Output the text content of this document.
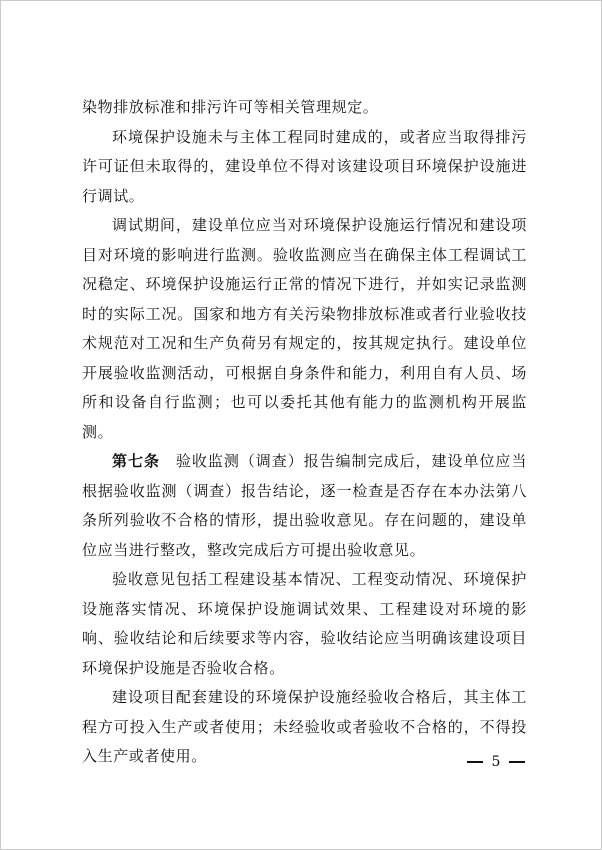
染物排放标准和排污许可等相关管理规定。

环境保护设施未与主体工程同时建成的，或者应当取得排污许可证但未取得的，建设单位不得对该建设项目环境保护设施进行调试。

调试期间，建设单位应当对环境保护设施运行情况和建设项目对环境的影响进行监测。验收监测应当在确保主体工程调试工况稳定、环境保护设施运行正常的情况下进行，并如实记录监测时的实际工况。国家和地方有关污染物排放标准或者行业验收技术规范对工况和生产负荷另有规定的，按其规定执行。建设单位开展验收监测活动，可根据自身条件和能力，利用自有人员、场所和设备自行监测；也可以委托其他有能力的监测机构开展监测。

第七条　验收监测（调查）报告编制完成后，建设单位应当根据验收监测（调查）报告结论，逐一检查是否存在本办法第八条所列验收不合格的情形，提出验收意见。存在问题的，建设单位应当进行整改，整改完成后方可提出验收意见。

验收意见包括工程建设基本情况、工程变动情况、环境保护设施落实情况、环境保护设施调试效果、工程建设对环境的影响、验收结论和后续要求等内容，验收结论应当明确该建设项目环境保护设施是否验收合格。

建设项目配套建设的环境保护设施经验收合格后，其主体工程方可投入生产或者使用；未经验收或者验收不合格的，不得投入生产或者使用。	5
